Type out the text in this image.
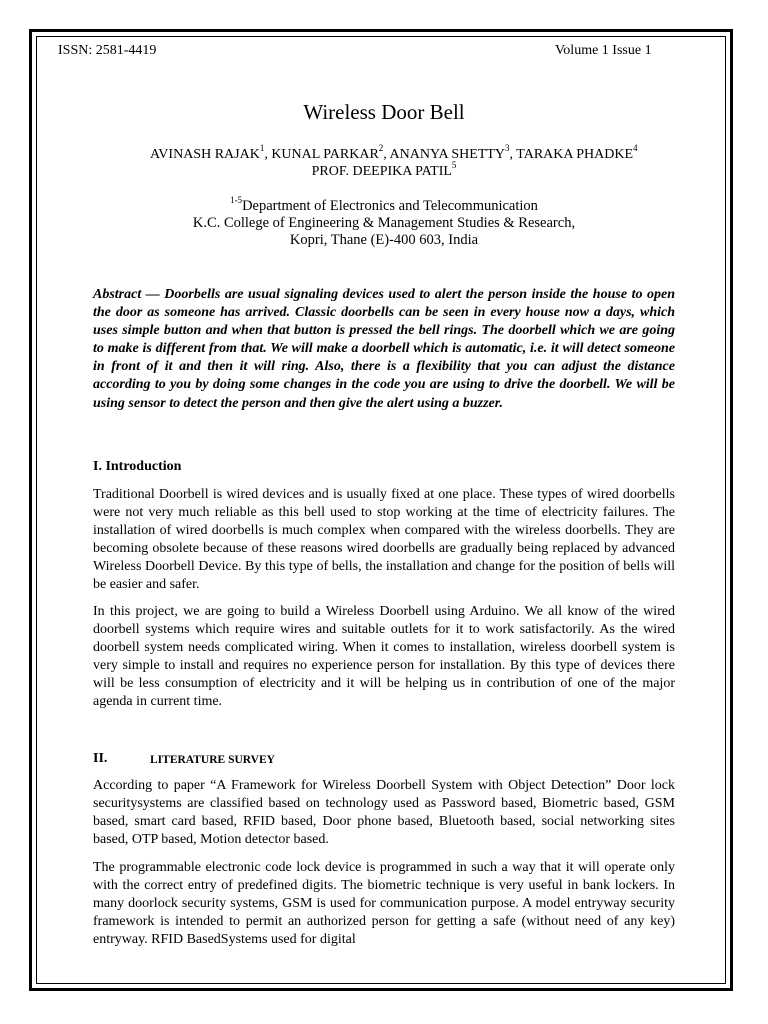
ISSN: 2581-4419	Volume 1 Issue 1
Wireless Door Bell
AVINASH RAJAK$^1$, KUNAL PARKAR$^2$, ANANYA SHETTY$^3$, TARAKA PHADKE$^4$
PROF. DEEPIKA PATIL$^5$
$^{1-5}$Department of Electronics and Telecommunication
K.C. College of Engineering & Management Studies & Research,
Kopri, Thane (E)-400 603, India

Abstract — Doorbells are usual signaling devices used to alert the person inside the house to open the door as someone has arrived. Classic doorbells can be seen in every house now a days, which uses simple button and when that button is pressed the bell rings. The doorbell which we are going to make is different from that. We will make a doorbell which is automatic, i.e. it will detect someone in front of it and then it will ring. Also, there is a flexibility that you can adjust the distance according to you by doing some changes in the code you are using to drive the doorbell. We will be using sensor to detect the person and then give the alert using a buzzer.

I. Introduction

Traditional Doorbell is wired devices and is usually fixed at one place. These types of wired doorbells were not very much reliable as this bell used to stop working at the time of electricity failures. The installation of wired doorbells is much complex when compared with the wireless doorbells. They are becoming obsolete because of these reasons wired doorbells are gradually being replaced by advanced Wireless Doorbell Device. By this type of bells, the installation and change for the position of bells will be easier and safer.

In this project, we are going to build a Wireless Doorbell using Arduino. We all know of the wired doorbell systems which require wires and suitable outlets for it to work satisfactorily. As the wired doorbell system needs complicated wiring. When it comes to installation, wireless doorbell system is very simple to install and requires no experience person for installation. By this type of devices there will be less consumption of electricity and it will be helping us in contribution of one of the major agenda in current time.

II.	LITERATURE SURVEY

According to paper “A Framework for Wireless Doorbell System with Object Detection” Door lock securitysystems are classified based on technology used as Password based, Biometric based, GSM based, smart card based, RFID based, Door phone based, Bluetooth based, social networking sites based, OTP based, Motion detector based.

The programmable electronic code lock device is programmed in such a way that it will operate only with the correct entry of predefined digits. The biometric technique is very useful in bank lockers. In many doorlock security systems, GSM is used for communication purpose. A model entryway security framework is intended to permit an authorized person for getting a safe (without need of any key) entryway. RFID BasedSystems used for digital
